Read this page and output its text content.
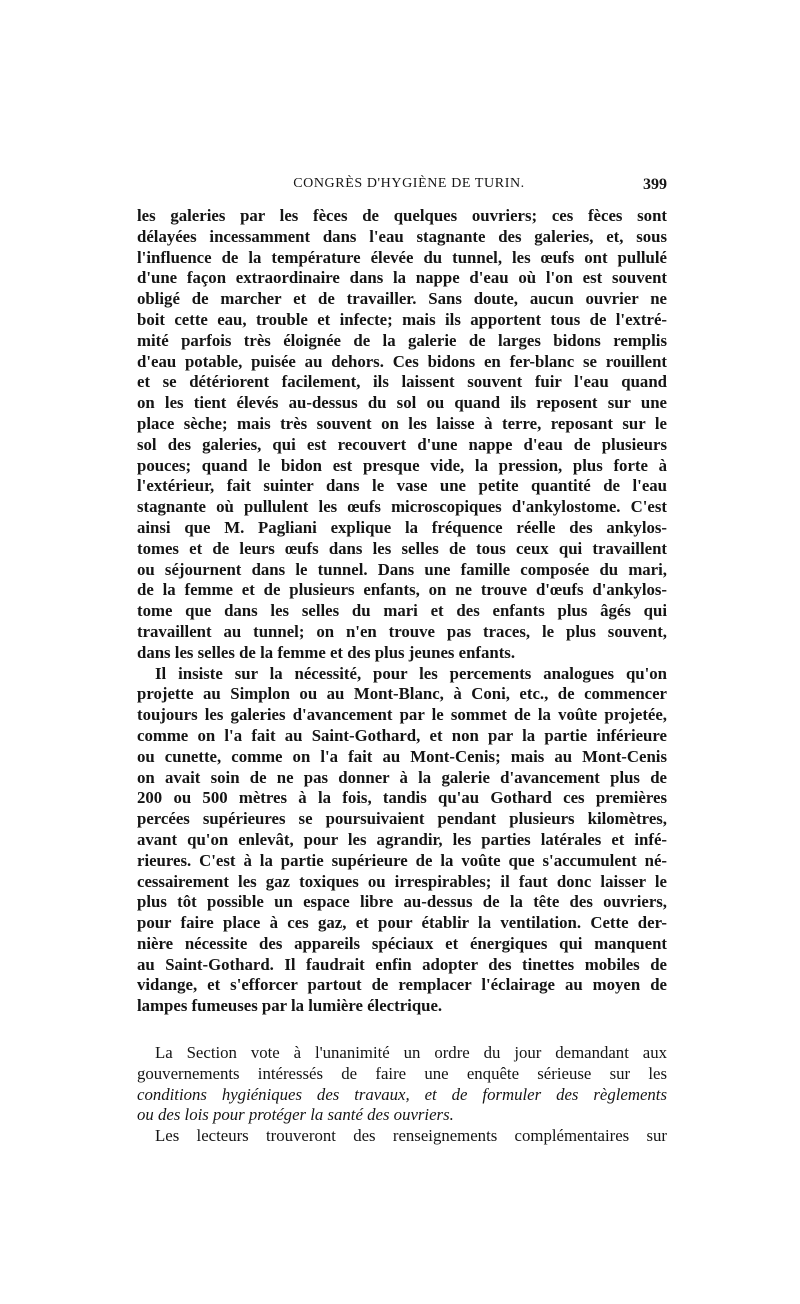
CONGRÈS D'HYGIÈNE DE TURIN.	399
les galeries par les fèces de quelques ouvriers; ces fèces sont
délayées incessamment dans l'eau stagnante des galeries, et, sous
l'influence de la température élevée du tunnel, les œufs ont pullulé
d'une façon extraordinaire dans la nappe d'eau où l'on est souvent
obligé de marcher et de travailler. Sans doute, aucun ouvrier ne
boit cette eau, trouble et infecte; mais ils apportent tous de l'extré-
mité parfois très éloignée de la galerie de larges bidons remplis
d'eau potable, puisée au dehors. Ces bidons en fer-blanc se rouillent
et se détériorent facilement, ils laissent souvent fuir l'eau quand
on les tient élevés au-dessus du sol ou quand ils reposent sur une
place sèche; mais très souvent on les laisse à terre, reposant sur le
sol des galeries, qui est recouvert d'une nappe d'eau de plusieurs
pouces; quand le bidon est presque vide, la pression, plus forte à
l'extérieur, fait suinter dans le vase une petite quantité de l'eau
stagnante où pullulent les œufs microscopiques d'ankylostome. C'est
ainsi que M. Pagliani explique la fréquence réelle des ankylos-
tomes et de leurs œufs dans les selles de tous ceux qui travaillent
ou séjournent dans le tunnel. Dans une famille composée du mari,
de la femme et de plusieurs enfants, on ne trouve d'œufs d'ankylos-
tome que dans les selles du mari et des enfants plus âgés qui
travaillent au tunnel; on n'en trouve pas traces, le plus souvent,
dans les selles de la femme et des plus jeunes enfants.
Il insiste sur la nécessité, pour les percements analogues qu'on
projette au Simplon ou au Mont-Blanc, à Coni, etc., de commencer
toujours les galeries d'avancement par le sommet de la voûte projetée,
comme on l'a fait au Saint-Gothard, et non par la partie inférieure
ou cunette, comme on l'a fait au Mont-Cenis; mais au Mont-Cenis
on avait soin de ne pas donner à la galerie d'avancement plus de
200 ou 500 mètres à la fois, tandis qu'au Gothard ces premières
percées supérieures se poursuivaient pendant plusieurs kilomètres,
avant qu'on enlevât, pour les agrandir, les parties latérales et infé-
rieures. C'est à la partie supérieure de la voûte que s'accumulent né-
cessairement les gaz toxiques ou irrespirables; il faut donc laisser le
plus tôt possible un espace libre au-dessus de la tête des ouvriers,
pour faire place à ces gaz, et pour établir la ventilation. Cette der-
nière nécessite des appareils spéciaux et énergiques qui manquent
au Saint-Gothard. Il faudrait enfin adopter des tinettes mobiles de
vidange, et s'efforcer partout de remplacer l'éclairage au moyen de
lampes fumeuses par la lumière électrique.
La Section vote à l'unanimité un ordre du jour demandant aux
gouvernements intéressés de faire une enquête sérieuse sur les
conditions hygiéniques des travaux, et de formuler des règlements
ou des lois pour protéger la santé des ouvriers.
Les lecteurs trouveront des renseignements complémentaires sur
